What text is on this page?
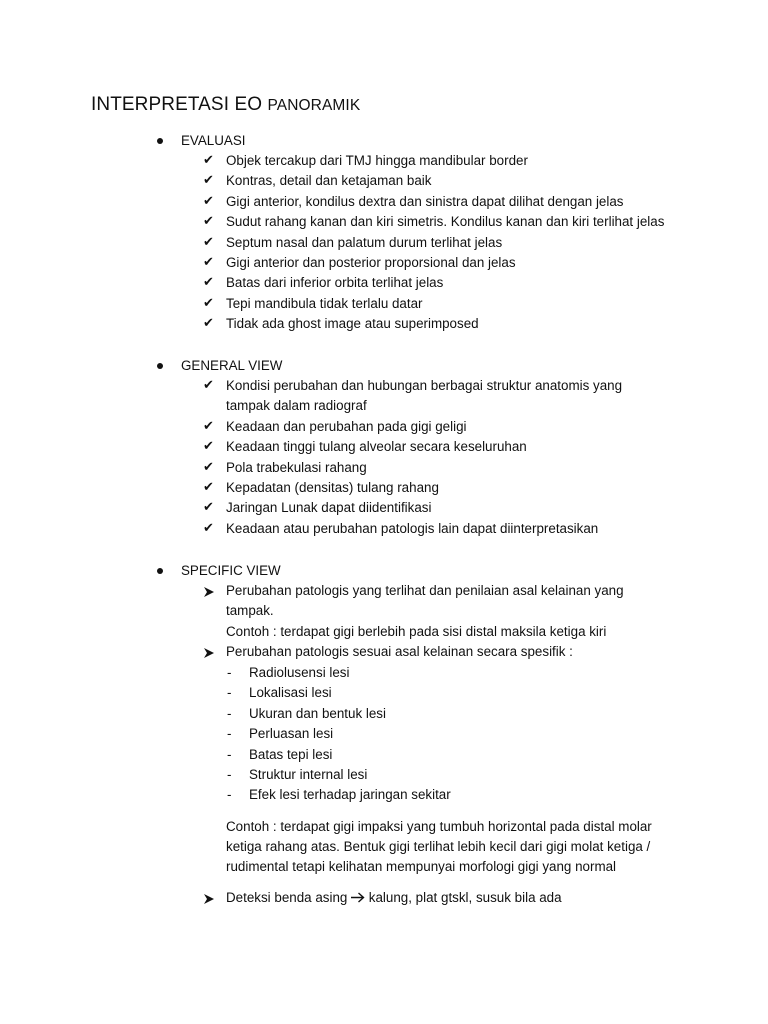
INTERPRETASI EO PANORAMIK
EVALUASI
✔ Objek tercakup dari TMJ hingga mandibular border
✔ Kontras, detail dan ketajaman baik
✔ Gigi anterior, kondilus dextra dan sinistra dapat dilihat dengan jelas
✔ Sudut rahang kanan dan kiri simetris. Kondilus kanan dan kiri terlihat jelas
✔ Septum nasal dan palatum durum terlihat jelas
✔ Gigi anterior dan posterior proporsional dan jelas
✔ Batas dari inferior orbita terlihat jelas
✔ Tepi mandibula tidak terlalu datar
✔ Tidak ada ghost image atau superimposed
GENERAL VIEW
✔ Kondisi perubahan dan hubungan berbagai struktur anatomis yang
tampak dalam radiograf
✔ Keadaan dan perubahan pada gigi geligi
✔ Keadaan tinggi tulang alveolar secara keseluruhan
✔ Pola trabekulasi rahang
✔ Kepadatan (densitas) tulang rahang
✔ Jaringan Lunak dapat diidentifikasi
✔ Keadaan atau perubahan patologis lain dapat diinterpretasikan
SPECIFIC VIEW
Perubahan patologis yang terlihat dan penilaian asal kelainan yang
tampak.
Contoh : terdapat gigi berlebih pada sisi distal maksila ketiga kiri
Perubahan patologis sesuai asal kelainan secara spesifik :
- Radiolusensi lesi
- Lokalisasi lesi
- Ukuran dan bentuk lesi
- Perluasan lesi
- Batas tepi lesi
- Struktur internal lesi
- Efek lesi terhadap jaringan sekitar
Contoh : terdapat gigi impaksi yang tumbuh horizontal pada distal molar
ketiga rahang atas. Bentuk gigi terlihat lebih kecil dari gigi molat ketiga /
rudimental tetapi kelihatan mempunyai morfologi gigi yang normal
Deteksi benda asing  kalung, plat gtskl, susuk bila ada
